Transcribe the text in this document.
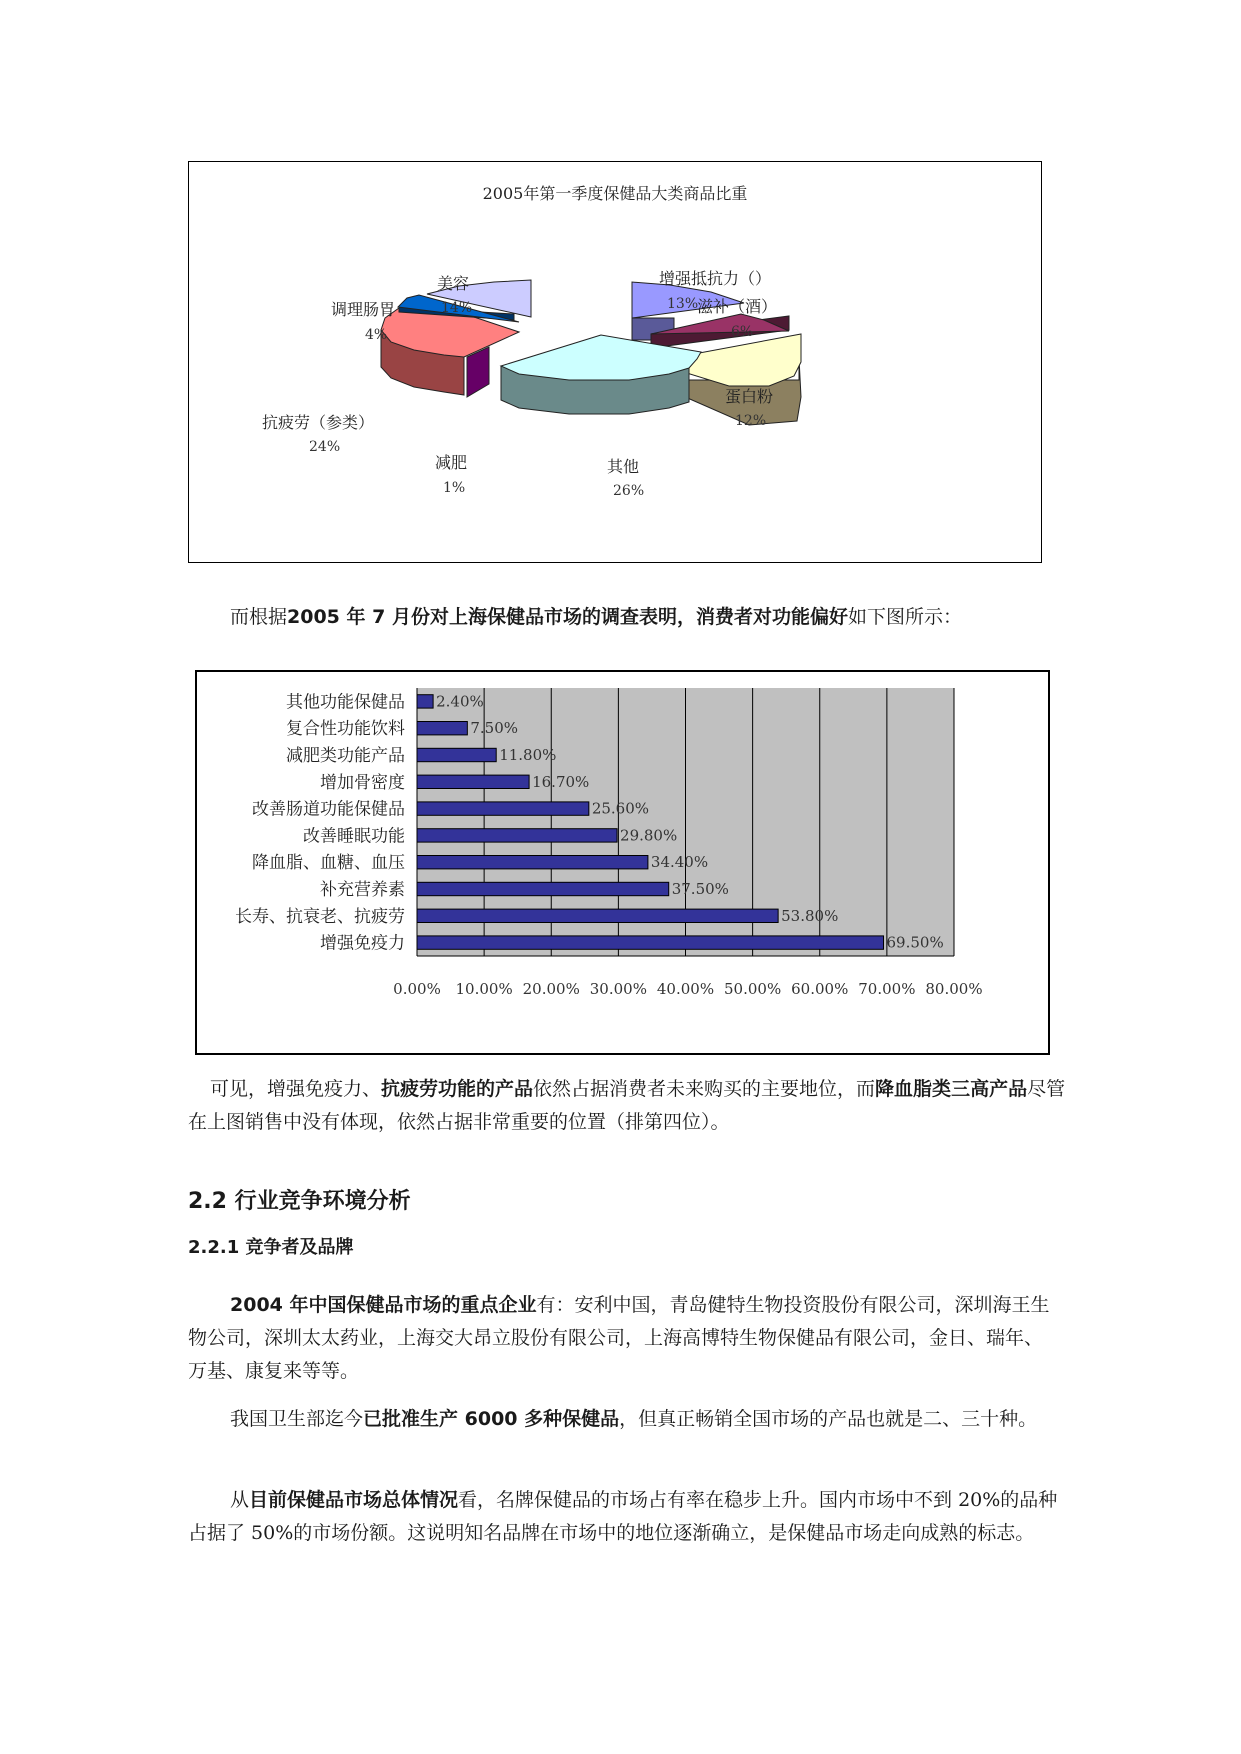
2005年第一季度保健品大类商品比重
增强抵抗力（）
13%
滋补（酒）
6%
蛋白粉
12%
其他
26%
减肥
1%
抗疲劳（参类）
24%
调理肠胃
4%
美容
14%

而根据2005 年 7 月份对上海保健品市场的调查表明，消费者对功能偏好如下图所示：

0.00% 10.00% 20.00% 30.00% 40.00% 50.00% 60.00% 70.00% 80.00%
2.40%
其他功能保健品
7.50%
复合性功能饮料
11.80%
减肥类功能产品
16.70%
增加骨密度
25.60%
改善肠道功能保健品
29.80%
改善睡眠功能
34.40%
降血脂、血糖、血压
37.50%
补充营养素
53.80%
长寿、抗衰老、抗疲劳
69.50%
增强免疫力

可见，增强免疫力、抗疲劳功能的产品依然占据消费者未来购买的主要地位，而降血脂类三高产品尽管在上图销售中没有体现，依然占据非常重要的位置（排第四位）。

2.2 行业竞争环境分析
2.2.1 竞争者及品牌

2004 年中国保健品市场的重点企业有：安利中国，青岛健特生物投资股份有限公司，深圳海王生物公司，深圳太太药业，上海交大昂立股份有限公司，上海高博特生物保健品有限公司，金日、瑞年、万基、康复来等等。

我国卫生部迄今已批准生产 6000 多种保健品，但真正畅销全国市场的产品也就是二、三十种。

从目前保健品市场总体情况看，名牌保健品的市场占有率在稳步上升。国内市场中不到 20%的品种占据了 50%的市场份额。这说明知名品牌在市场中的地位逐渐确立，是保健品市场走向成熟的标志。
